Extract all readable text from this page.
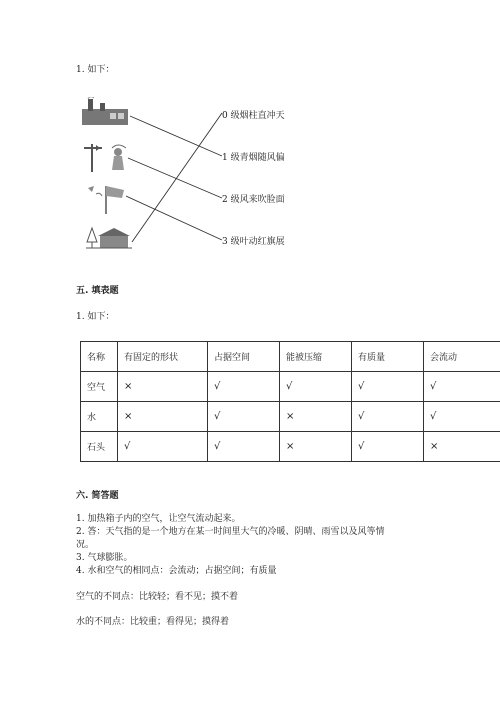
1. 如下：
0 级烟柱直冲天
1 级青烟随风偏
2 级风来吹脸面
3 级叶动红旗展
五. 填表题
1. 如下：
名称	有固定的形状	占据空间	能被压缩	有质量	会流动
空气	×	√	√	√	√
水	×	√	×	√	√
石头	√	√	×	√	×
六. 简答题
1. 加热箱子内的空气，让空气流动起来。
2. 答：天气指的是一个地方在某一时间里大气的冷暖、阴晴、雨雪以及风等情
况。
3. 气球膨胀。
4. 水和空气的相同点：会流动；占据空间；有质量
空气的不同点：比较轻；看不见；摸不着
水的不同点：比较重；看得见；摸得着
